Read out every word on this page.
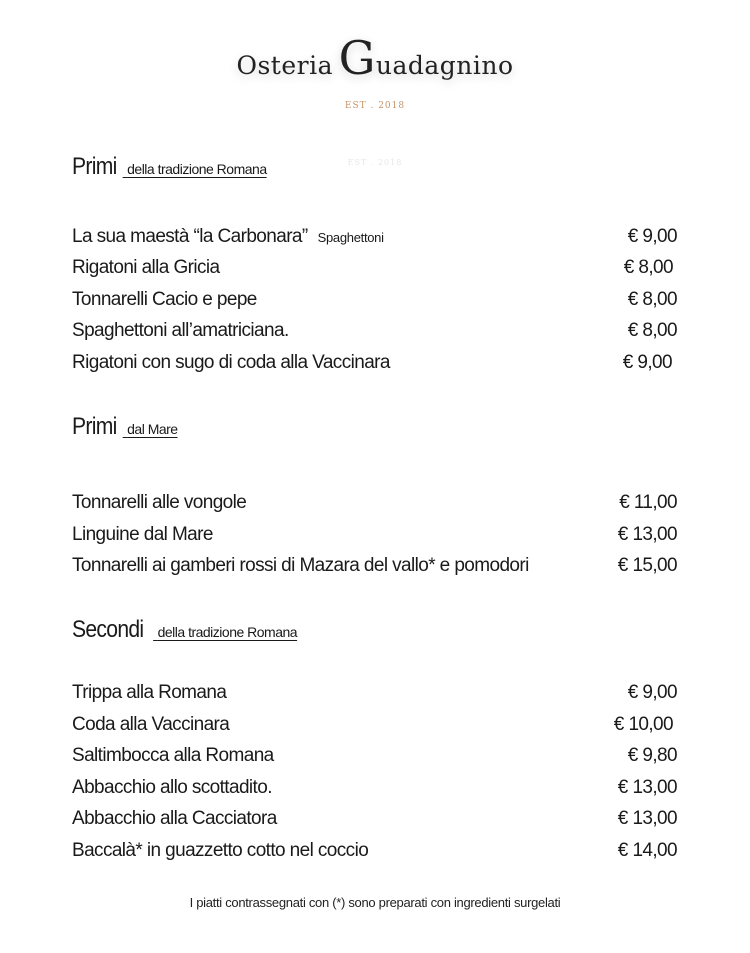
Osteria Guadagnino
EST . 2018
EST . 2018
Primi della tradizione Romana
La sua maestà “la Carbonara” Spaghettoni	€ 9,00
Rigatoni alla Gricia	€ 8,00
Tonnarelli Cacio e pepe	€ 8,00
Spaghettoni all’amatriciana.	€ 8,00
Rigatoni con sugo di coda alla Vaccinara	€ 9,00
Primi dal Mare
Tonnarelli alle vongole	€ 11,00
Linguine dal Mare	€ 13,00
Tonnarelli ai gamberi rossi di Mazara del vallo* e pomodori	€ 15,00
Secondi della tradizione Romana
Trippa alla Romana	€ 9,00
Coda alla Vaccinara	€ 10,00
Saltimbocca alla Romana	€ 9,80
Abbacchio allo scottadito.	€ 13,00
Abbacchio alla Cacciatora	€ 13,00
Baccalà* in guazzetto cotto nel coccio	€ 14,00
I piatti contrassegnati con (*) sono preparati con ingredienti surgelati
